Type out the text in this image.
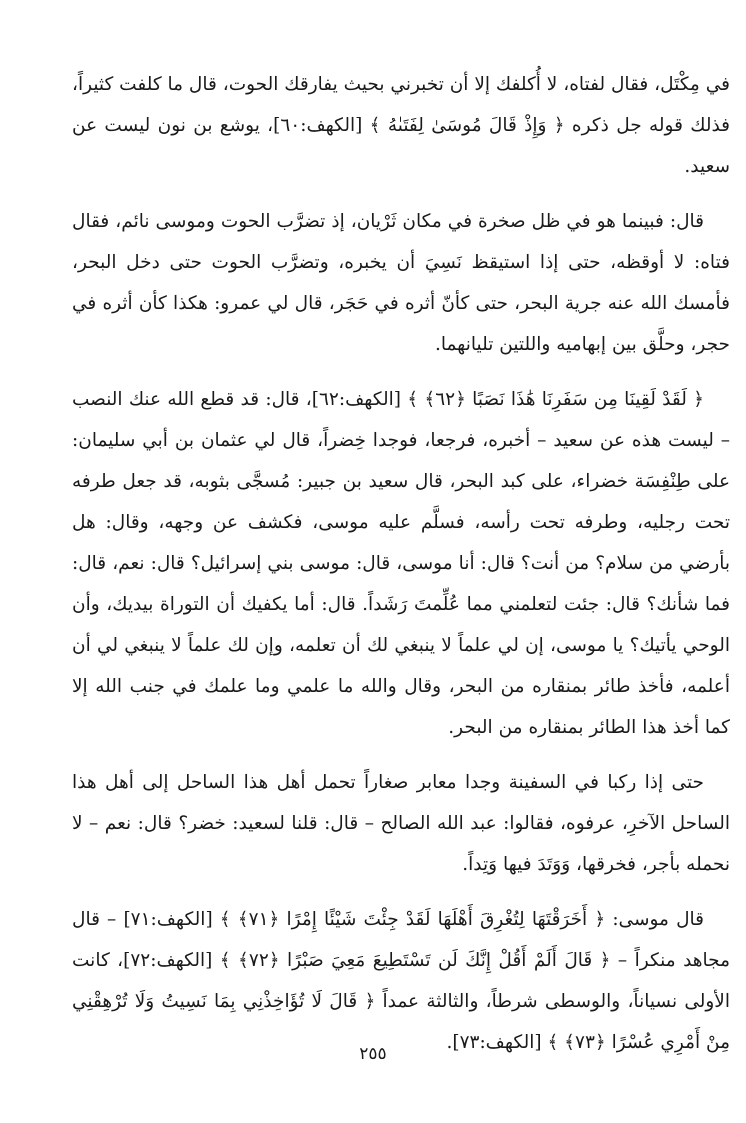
في مِكْتَل، فقال لفتاه، لا أُكلفك إلا أن تخبرني بحيث يفارقك الحوت، قال ما كلفت كثيراً، فذلك قوله جل ذكره ﴿ وَإِذْ قَالَ مُوسَىٰ لِفَتَىٰهُ ﴾ [الكهف:٦٠]، يوشع بن نون ليست عن سعيد.

قال: فبينما هو في ظل صخرة في مكان ثَرْيان، إذ تضرَّب الحوت وموسى نائم، فقال فتاه: لا أوقظه، حتى إذا استيقظ نَسِيَ أن يخبره، وتضرَّب الحوت حتى دخل البحر، فأمسك الله عنه جرية البحر، حتى كأنّ أثره في حَجَر، قال لي عمرو: هكذا كأن أثره في حجر، وحلَّق بين إبهاميه واللتين تليانهما.

﴿ لَقَدْ لَقِينَا مِن سَفَرِنَا هَٰذَا نَصَبًا ﴿٦٢﴾ ﴾ [الكهف:٦٢]، قال: قد قطع الله عنك النصب – ليست هذه عن سعيد – أخبره، فرجعا، فوجدا خِضراً، قال لي عثمان بن أبي سليمان: على طِنْفِسَة خضراء، على كبد البحر، قال سعيد بن جبير: مُسجَّى بثوبه، قد جعل طرفه تحت رجليه، وطرفه تحت رأسه، فسلَّم عليه موسى، فكشف عن وجهه، وقال: هل بأرضي من سلام؟ من أنت؟ قال: أنا موسى، قال: موسى بني إسرائيل؟ قال: نعم، قال: فما شأنك؟ قال: جئت لتعلمني مما عُلِّمتَ رَشَداً. قال: أما يكفيك أن التوراة بيديك، وأن الوحي يأتيك؟ يا موسى، إن لي علماً لا ينبغي لك أن تعلمه، وإن لك علماً لا ينبغي لي أن أعلمه، فأخذ طائر بمنقاره من البحر، وقال والله ما علمي وما علمك في جنب الله إلا كما أخذ هذا الطائر بمنقاره من البحر.

حتى إذا ركبا في السفينة وجدا معابر صغاراً تحمل أهل هذا الساحل إلى أهل هذا الساحل الآخرِ، عرفوه، فقالوا: عبد الله الصالح – قال: قلنا لسعيد: خضر؟ قال: نعم – لا نحمله بأجر، فخرقها، وَوَتَدَ فيها وَتِداً.

قال موسى: ﴿ أَخَرَقْتَهَا لِتُغْرِقَ أَهْلَهَا لَقَدْ جِئْتَ شَيْئًا إِمْرًا ﴿٧١﴾ ﴾ [الكهف:٧١] – قال مجاهد منكراً – ﴿ قَالَ أَلَمْ أَقُلْ إِنَّكَ لَن تَسْتَطِيعَ مَعِيَ صَبْرًا ﴿٧٢﴾ ﴾ [الكهف:٧٢]، كانت الأولى نسياناً، والوسطى شرطاً، والثالثة عمداً ﴿ قَالَ لَا تُؤَاخِذْنِي بِمَا نَسِيتُ وَلَا تُرْهِقْنِي مِنْ أَمْرِي عُسْرًا ﴿٧٣﴾ ﴾ [الكهف:٧٣].

٢٥٥
